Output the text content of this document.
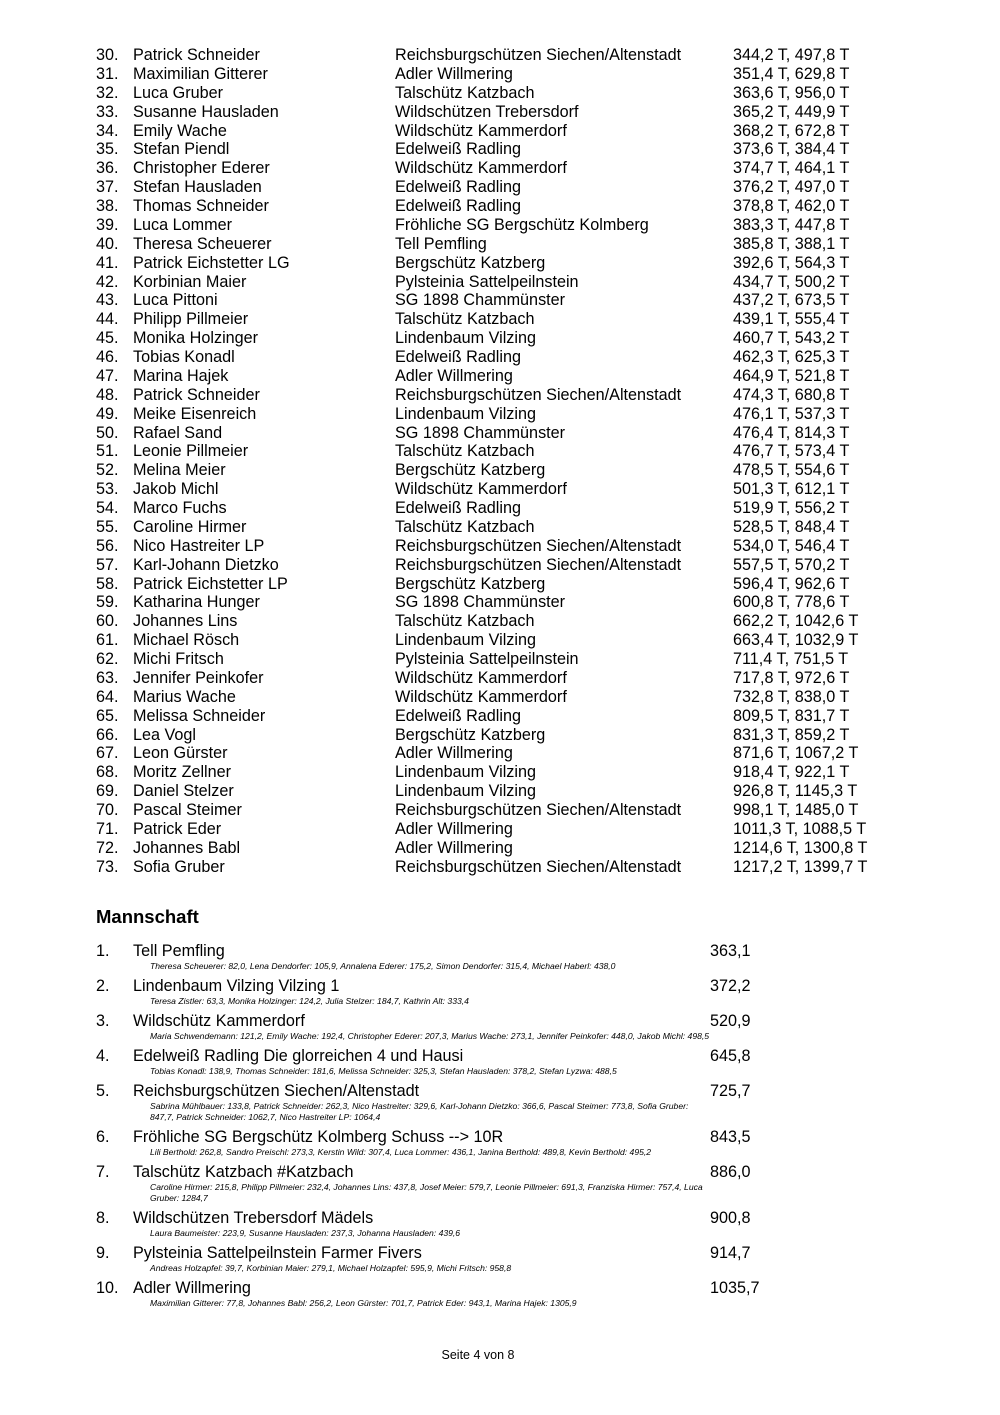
30. Patrick Schneider	Reichsburgschützen Siechen/Altenstadt	344,2 T, 497,8 T
31. Maximilian Gitterer	Adler Willmering	351,4 T, 629,8 T
32. Luca Gruber	Talschütz Katzbach	363,6 T, 956,0 T
33. Susanne Hausladen	Wildschützen Trebersdorf	365,2 T, 449,9 T
34. Emily Wache	Wildschütz Kammerdorf	368,2 T, 672,8 T
35. Stefan Piendl	Edelweiß Radling	373,6 T, 384,4 T
36. Christopher Ederer	Wildschütz Kammerdorf	374,7 T, 464,1 T
37. Stefan Hausladen	Edelweiß Radling	376,2 T, 497,0 T
38. Thomas Schneider	Edelweiß Radling	378,8 T, 462,0 T
39. Luca Lommer	Fröhliche SG Bergschütz Kolmberg	383,3 T, 447,8 T
40. Theresa Scheuerer	Tell Pemfling	385,8 T, 388,1 T
41. Patrick Eichstetter LG	Bergschütz Katzberg	392,6 T, 564,3 T
42. Korbinian Maier	Pylsteinia Sattelpeilnstein	434,7 T, 500,2 T
43. Luca Pittoni	SG 1898 Chammünster	437,2 T, 673,5 T
44. Philipp Pillmeier	Talschütz Katzbach	439,1 T, 555,4 T
45. Monika Holzinger	Lindenbaum Vilzing	460,7 T, 543,2 T
46. Tobias Konadl	Edelweiß Radling	462,3 T, 625,3 T
47. Marina Hajek	Adler Willmering	464,9 T, 521,8 T
48. Patrick Schneider	Reichsburgschützen Siechen/Altenstadt	474,3 T, 680,8 T
49. Meike Eisenreich	Lindenbaum Vilzing	476,1 T, 537,3 T
50. Rafael Sand	SG 1898 Chammünster	476,4 T, 814,3 T
51. Leonie Pillmeier	Talschütz Katzbach	476,7 T, 573,4 T
52. Melina Meier	Bergschütz Katzberg	478,5 T, 554,6 T
53. Jakob Michl	Wildschütz Kammerdorf	501,3 T, 612,1 T
54. Marco Fuchs	Edelweiß Radling	519,9 T, 556,2 T
55. Caroline Hirmer	Talschütz Katzbach	528,5 T, 848,4 T
56. Nico Hastreiter LP	Reichsburgschützen Siechen/Altenstadt	534,0 T, 546,4 T
57. Karl-Johann Dietzko	Reichsburgschützen Siechen/Altenstadt	557,5 T, 570,2 T
58. Patrick Eichstetter LP	Bergschütz Katzberg	596,4 T, 962,6 T
59. Katharina Hunger	SG 1898 Chammünster	600,8 T, 778,6 T
60. Johannes Lins	Talschütz Katzbach	662,2 T, 1042,6 T
61. Michael Rösch	Lindenbaum Vilzing	663,4 T, 1032,9 T
62. Michi Fritsch	Pylsteinia Sattelpeilnstein	711,4 T, 751,5 T
63. Jennifer Peinkofer	Wildschütz Kammerdorf	717,8 T, 972,6 T
64. Marius Wache	Wildschütz Kammerdorf	732,8 T, 838,0 T
65. Melissa Schneider	Edelweiß Radling	809,5 T, 831,7 T
66. Lea Vogl	Bergschütz Katzberg	831,3 T, 859,2 T
67. Leon Gürster	Adler Willmering	871,6 T, 1067,2 T
68. Moritz Zellner	Lindenbaum Vilzing	918,4 T, 922,1 T
69. Daniel Stelzer	Lindenbaum Vilzing	926,8 T, 1145,3 T
70. Pascal Steimer	Reichsburgschützen Siechen/Altenstadt	998,1 T, 1485,0 T
71. Patrick Eder	Adler Willmering	1011,3 T, 1088,5 T
72. Johannes Babl	Adler Willmering	1214,6 T, 1300,8 T
73. Sofia Gruber	Reichsburgschützen Siechen/Altenstadt	1217,2 T, 1399,7 T
Mannschaft
1.	Tell Pemfling	363,1
Theresa Scheuerer: 82,0, Lena Dendorfer: 105,9, Annalena Ederer: 175,2, Simon Dendorfer: 315,4, Michael Haberl: 438,0
2.	Lindenbaum Vilzing Vilzing 1	372,2
Teresa Zistler: 63,3, Monika Holzinger: 124,2, Julia Stelzer: 184,7, Kathrin Alt: 333,4
3.	Wildschütz Kammerdorf	520,9
Maria Schwendemann: 121,2, Emily Wache: 192,4, Christopher Ederer: 207,3, Marius Wache: 273,1, Jennifer Peinkofer: 448,0, Jakob Michl: 498,5
4.	Edelweiß Radling Die glorreichen 4 und Hausi	645,8
Tobias Konadl: 138,9, Thomas Schneider: 181,6, Melissa Schneider: 325,3, Stefan Hausladen: 378,2, Stefan Lyzwa: 488,5
5.	Reichsburgschützen Siechen/Altenstadt	725,7
Sabrina Mühlbauer: 133,8, Patrick Schneider: 262,3, Nico Hastreiter: 329,6, Karl-Johann Dietzko: 366,6, Pascal Steimer: 773,8, Sofia Gruber: 847,7, Patrick Schneider: 1062,7, Nico Hastreiter LP: 1064,4
6.	Fröhliche SG Bergschütz Kolmberg Schuss --> 10R	843,5
Lili Berthold: 262,8, Sandro Preischl: 273,3, Kerstin Wild: 307,4, Luca Lommer: 436,1, Janina Berthold: 489,8, Kevin Berthold: 495,2
7.	Talschütz Katzbach #Katzbach	886,0
Caroline Hirmer: 215,8, Philipp Pillmeier: 232,4, Johannes Lins: 437,8, Josef Meier: 579,7, Leonie Pillmeier: 691,3, Franziska Hirmer: 757,4, Luca Gruber: 1284,7
8.	Wildschützen Trebersdorf Mädels	900,8
Laura Baumeister: 223,9, Susanne Hausladen: 237,3, Johanna Hausladen: 439,6
9.	Pylsteinia Sattelpeilnstein Farmer Fivers	914,7
Andreas Holzapfel: 39,7, Korbinian Maier: 279,1, Michael Holzapfel: 595,9, Michi Fritsch: 958,8
10. Adler Willmering	1035,7
Maximilian Gitterer: 77,8, Johannes Babl: 256,2, Leon Gürster: 701,7, Patrick Eder: 943,1, Marina Hajek: 1305,9
Seite 4 von 8
